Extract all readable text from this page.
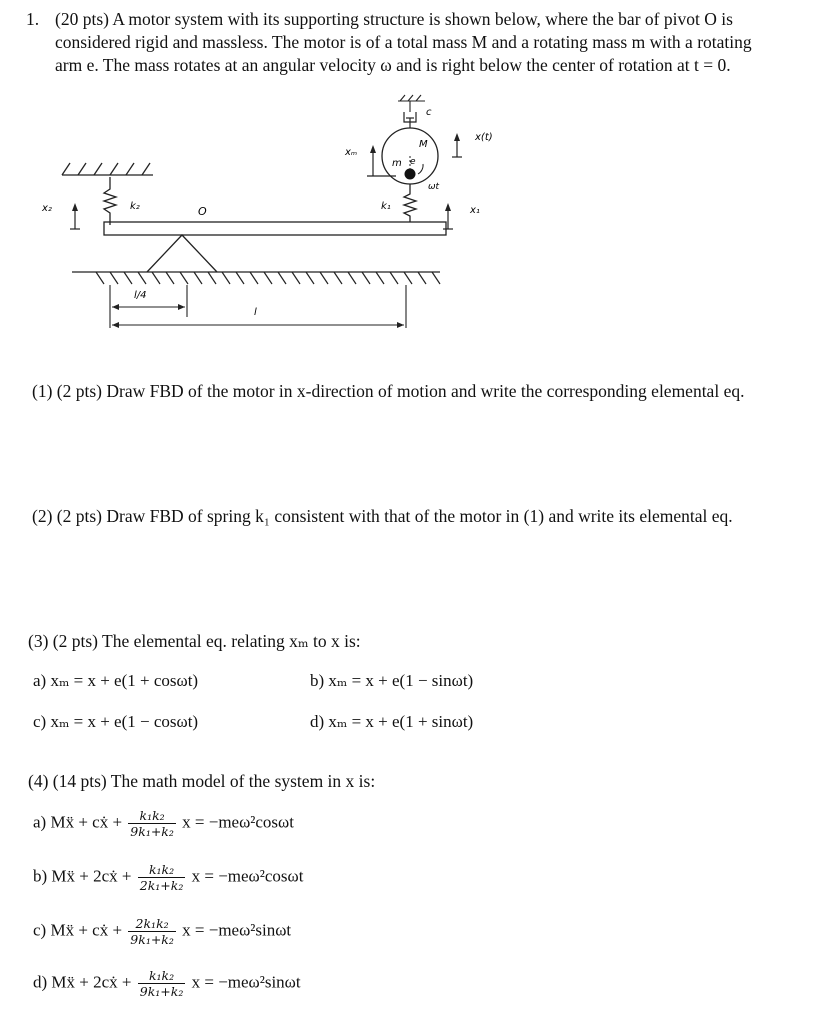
1. (20 pts) A motor system with its supporting structure is shown below, where the bar of pivot O is
considered rigid and massless. The motor is of a total mass M and a rotating mass m with a rotating
arm e. The mass rotates at an angular velocity ω and is right below the center of rotation at t = 0.
c
M
m e
xₘ
x(t)
ωt
k₁	x₁
k₂
x₂	O
l/4
l
(1) (2 pts) Draw FBD of the motor in x-direction of motion and write the corresponding elemental eq.
(2) (2 pts) Draw FBD of spring k₁ consistent with that of the motor in (1) and write its elemental eq.
(3) (2 pts) The elemental eq. relating xₘ to x is:
a) xₘ = x + e(1 + cosωt)	b) xₘ = x + e(1 − sinωt)
c) xₘ = x + e(1 − cosωt)	d) xₘ = x + e(1 + sinωt)
(4) (14 pts) The math model of the system in x is:
a) Mẍ + cẋ + $\frac{\text{k₁k₂}}{\text{9k₁+k₂}}$ x = −meω²cosωt
b) Mẍ + 2cẋ + $\frac{\text{k₁k₂}}{\text{2k₁+k₂}}$ x = −meω²cosωt
c) Mẍ + cẋ + $\frac{\text{2k₁k₂}}{\text{9k₁+k₂}}$ x = −meω²sinωt
d) Mẍ + 2cẋ + $\frac{\text{k₁k₂}}{\text{9k₁+k₂}}$ x = −meω²sinωt
